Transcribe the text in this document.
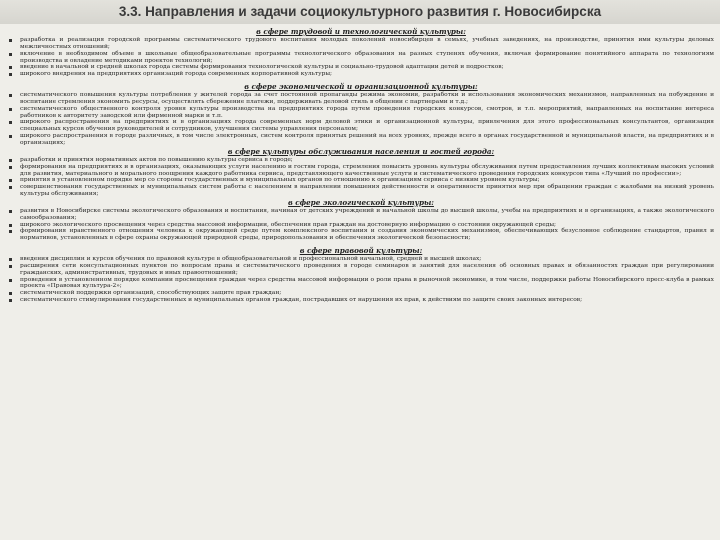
3.3. Направления и задачи социокультурного развития г. Новосибирска
в сфере трудовой и технологической культуры:
разработка и реализация городской программы систематического трудового воспитания молодых поколений новосибирцев в семьях, учебных заведениях, на производстве, принятия ими культуры деловых межличностных отношений;
включение в необходимом объеме в школьные общеобразовательные программы технологического образования на разных ступенях обучения, включая формирование понятийного аппарата по технологиям производства и овладение методиками проектов технологий;
введение в начальной и средней школах города системы формирования технологической культуры и социально-трудовой адаптации детей и подростков;
широкого внедрения на предприятиях организаций города современных корпоративной культуры;
в сфере экономической и организационной культуры:
систематического повышения культуры потребления у жителей города за счет постоянной пропаганды режима экономии, разработки и использования экономических механизмов, направленных на побуждение и воспитание стремления экономить ресурсы, осуществлять сбережение платежи, поддерживать деловой стиль в общении с партнерами и т.д.;
систематического общественного контроля уровня культуры производства на предприятиях города путем проведения городских конкурсов, смотров, и т.п. мероприятий, направленных на воспитание интереса работников к авторитету заводской или фирменной марки и т.п.
широкого распространения на предприятиях и в организациях города современных норм деловой этики и организационной культуры, привлечения для этого профессиональных консультантов, организация специальных курсов обучения руководителей и сотрудников, улучшения системы управления персоналом;
широкого распространения в городе различных, в том числе электронных, систем контроля принятых решений на всех уровнях, прежде всего в органах государственной и муниципальной власти, на предприятиях и в организациях;
в сфере культуры обслуживания населения и гостей города:
разработки и принятия нормативных актов по повышению культуры сервиса в городе;
формирования на предприятиях и в организациях, оказывающих услуги населению и гостям города, стремления повысить уровень культуры обслуживания путем предоставления лучших коллективам высоких условий для развития, материального и морального поощрения каждого работника сервиса, представляющего качественные услуги и систематического проведения городских конкурсов типа «Лучший по профессии»;
принятия в установленном порядке мер со стороны государственных и муниципальных органов по отношению к организациям сервиса с низким уровнем культуры;
совершенствования государственных и муниципальных систем работы с населением в направлении повышения действенности и оперативности принятия мер при обращении граждан с жалобами на низкий уровень культуры обслуживания;
в сфере экологической культуры:
развития в Новосибирске системы экологического образования и воспитания, начиная от детских учреждений и начальной школы до высшей школы, учебы на предприятиях и в организациях, а также экологического самообразования;
широкого экологического просвещения через средства массовой информации, обеспечения прав граждан на достоверную информацию о состоянии окружающей среды;
формирования нравственного отношения человека к окружающей среде путем комплексного воспитания и создания экономических механизмов, обеспечивающих безусловное соблюдение стандартов, правил и нормативов, установленных в сфере охраны окружающей природной среды, природопользования и обеспечения экологической безопасности;
в сфере правовой культуры:
введения дисциплин и курсов обучения по правовой культуре в общеобразовательной и профессиональной начальной, средней и высшей школах;
расширения сети консультационных пунктов по вопросам права и систематического проведения в городе семинаров и занятий для населения об основных правах и обязанностях граждан при регулировании гражданских, административных, трудовых и иных правоотношений;
проведения в установленном порядке компании просвещения граждан через средства массовой информации о роли права в рыночной экономике, в том числе, поддержки работы Новосибирского пресс-клуба в рамках проекта «Правовая культура-2»;
систематической поддержки организаций, способствующих защите прав граждан;
систематического стимулирования государственных и муниципальных органов граждан, пострадавших от нарушения их прав, к действиям по защите своих законных интересов;
